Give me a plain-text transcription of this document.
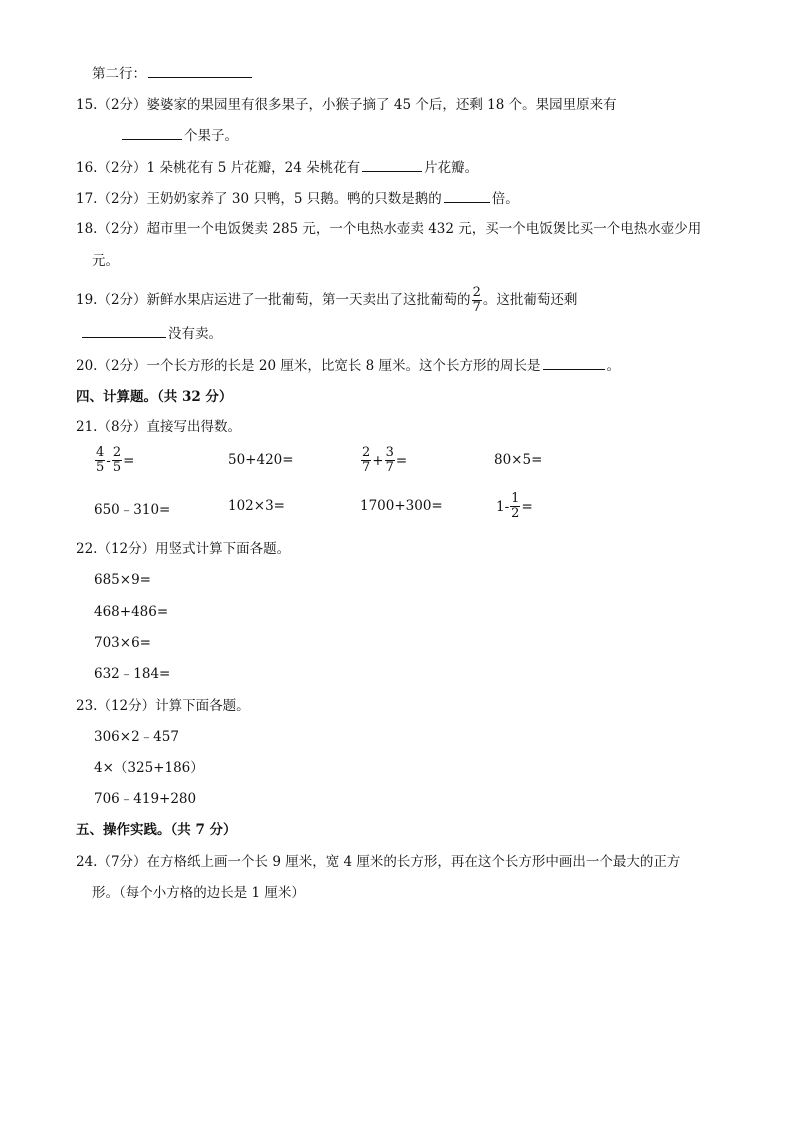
第二行：
15.（2分）婆婆家的果园里有很多果子，小猴子摘了 45 个后，还剩 18 个。果园里原来有
个果子。
16.（2分）1 朵桃花有 5 片花瓣，24 朵桃花有	片花瓣。
17.（2分）王奶奶家养了 30 只鸭，5 只鹅。鸭的只数是鹅的	倍。
18.（2分）超市里一个电饭煲卖 285 元，一个电热水壶卖 432 元，买一个电饭煲比买一个电热水壶少用
元。
19.（2分）新鲜水果店运进了一批葡萄，第一天卖出了这批葡萄的 $\frac{2}{7}$ 。这批葡萄还剩
没有卖。
20.（2分）一个长方形的长是 20 厘米，比宽长 8 厘米。这个长方形的周长是	。
四、计算题。（共 32 分）
21.（8分）直接写出得数。
$\frac{4}{5} - \frac{2}{5}$ =	50+420=	$\frac{2}{7} + \frac{3}{7}$ =	80×5=
650﹣310=	102×3=	1700+300=	$1- \frac{1}{2}$ =
22.（12分）用竖式计算下面各题。
685×9=
468+486=
703×6=
632﹣184=
23.（12分）计算下面各题。
306×2﹣457
4×（325+186）
706﹣419+280
五、操作实践。（共 7 分）
24.（7分）在方格纸上画一个长 9 厘米，宽 4 厘米的长方形，再在这个长方形中画出一个最大的正方
形。（每个小方格的边长是 1 厘米）
